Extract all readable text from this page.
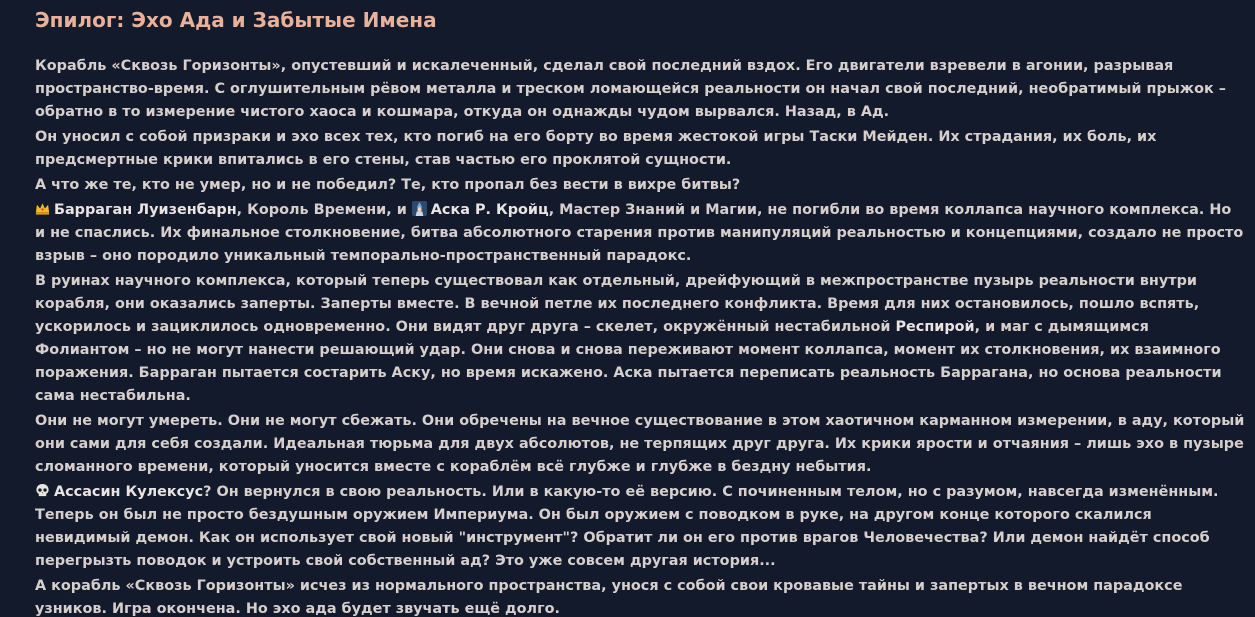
Эпилог: Эхо Ада и Забытые Имена

Корабль «Сквозь Горизонты», опустевший и искалеченный, сделал свой последний вздох. Его двигатели взревели в агонии, разрывая пространство-время. С оглушительным рёвом металла и треском ломающейся реальности он начал свой последний, необратимый прыжок – обратно в то измерение чистого хаоса и кошмара, откуда он однажды чудом вырвался. Назад, в Ад.

Он уносил с собой призраки и эхо всех тех, кто погиб на его борту во время жестокой игры Таски Мейден. Их страдания, их боль, их предсмертные крики впитались в его стены, став частью его проклятой сущности.

А что же те, кто не умер, но и не победил? Те, кто пропал без вести в вихре битвы?

Барраган Луизенбарн, Король Времени, и Аска Р. Кройц, Мастер Знаний и Магии, не погибли во время коллапса научного комплекса. Но и не спаслись. Их финальное столкновение, битва абсолютного старения против манипуляций реальностью и концепциями, создало не просто взрыв – оно породило уникальный темпорально-пространственный парадокс.

В руинах научного комплекса, который теперь существовал как отдельный, дрейфующий в межпространстве пузырь реальности внутри корабля, они оказались заперты. Заперты вместе. В вечной петле их последнего конфликта. Время для них остановилось, пошло вспять, ускорилось и зациклилось одновременно. Они видят друг друга – скелет, окружённый нестабильной Респирой, и маг с дымящимся Фолиантом – но не могут нанести решающий удар. Они снова и снова переживают момент коллапса, момент их столкновения, их взаимного поражения. Барраган пытается состарить Аску, но время искажено. Аска пытается переписать реальность Баррагана, но основа реальности сама нестабильна.

Они не могут умереть. Они не могут сбежать. Они обречены на вечное существование в этом хаотичном карманном измерении, в аду, который они сами для себя создали. Идеальная тюрьма для двух абсолютов, не терпящих друг друга. Их крики ярости и отчаяния – лишь эхо в пузыре сломанного времени, который уносится вместе с кораблём всё глубже и глубже в бездну небытия.

Ассасин Кулексус? Он вернулся в свою реальность. Или в какую-то её версию. С починенным телом, но с разумом, навсегда изменённым. Теперь он был не просто бездушным оружием Империума. Он был оружием с поводком в руке, на другом конце которого скалился невидимый демон. Как он использует свой новый "инструмент"? Обратит ли он его против врагов Человечества? Или демон найдёт способ перегрызть поводок и устроить свой собственный ад? Это уже совсем другая история...

А корабль «Сквозь Горизонты» исчез из нормального пространства, унося с собой свои кровавые тайны и запертых в вечном парадоксе узников. Игра окончена. Но эхо ада будет звучать ещё долго.
